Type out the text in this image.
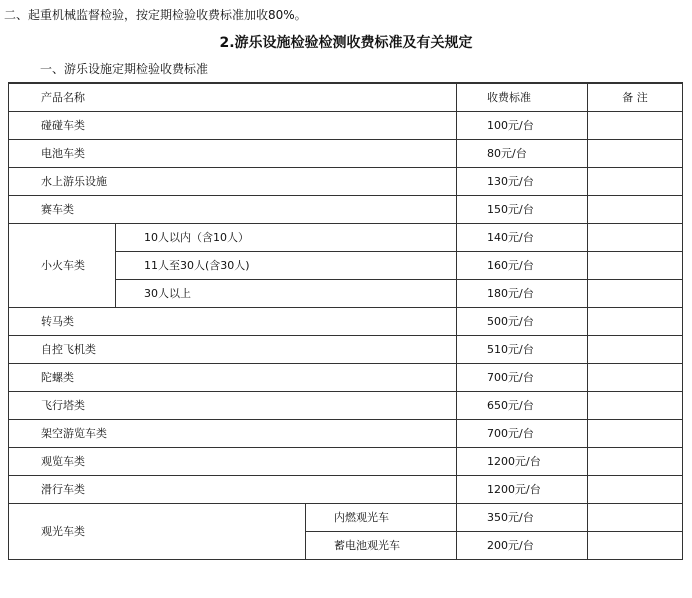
二、起重机械监督检验，按定期检验收费标准加收80%。
2.游乐设施检验检测收费标准及有关规定
一、游乐设施定期检验收费标准
产品名称			收费标准	备 注
碰碰车类			100元/台	
电池车类			80元/台	
水上游乐设施			130元/台	
赛车类			150元/台	
小火车类	10人以内（含10人）		140元/台	
	11人至30人(含30人)		160元/台	
	30人以上		180元/台	
转马类			500元/台	
自控飞机类			510元/台	
陀螺类			700元/台	
飞行塔类			650元/台	
架空游览车类			700元/台	
观览车类			1200元/台	
滑行车类			1200元/台	
观光车类		内燃观光车	350元/台	
		蓄电池观光车	200元/台	
